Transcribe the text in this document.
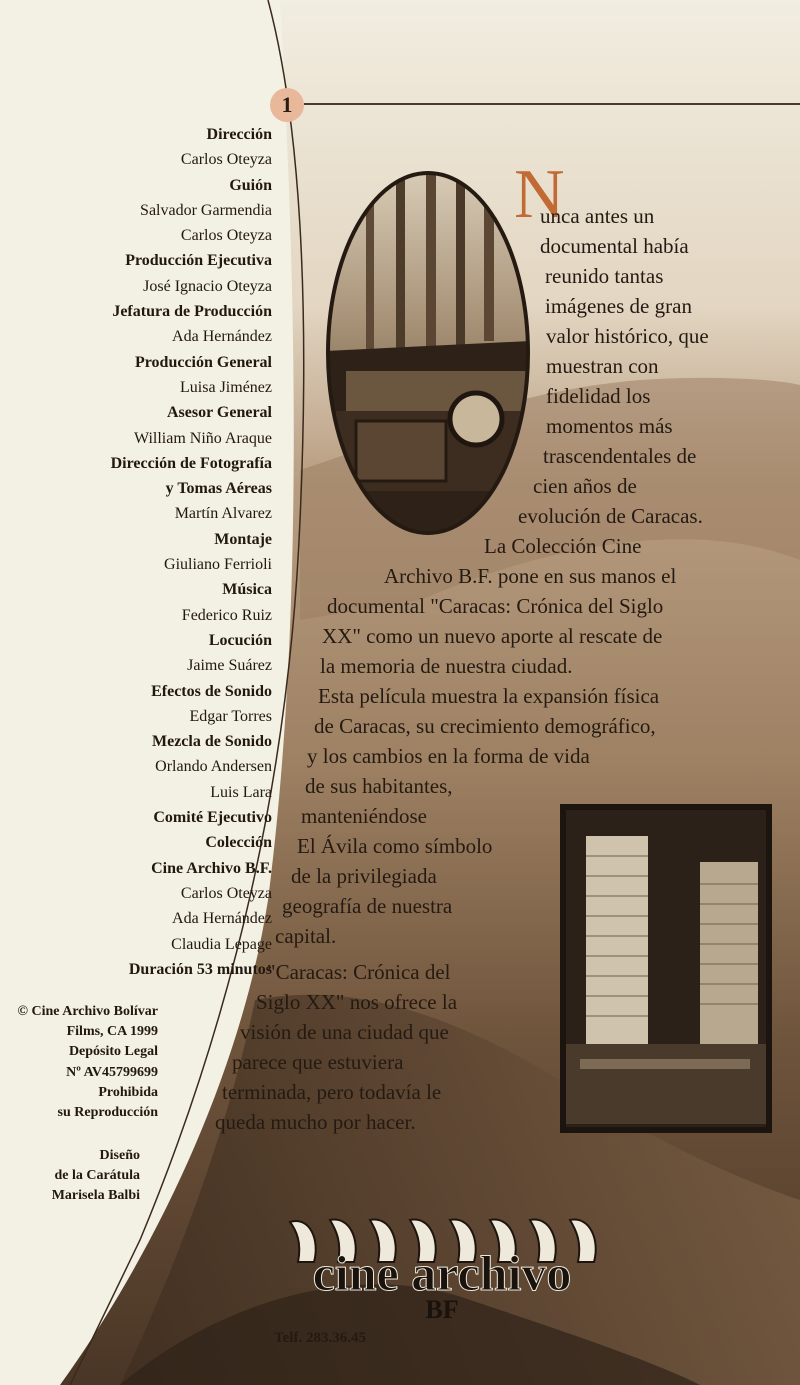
1
Dirección
Carlos Oteyza
Guión
Salvador Garmendia
Carlos Oteyza
Producción Ejecutiva
José Ignacio Oteyza
Jefatura de Producción
Ada Hernández
Producción General
Luisa Jiménez
Asesor General
William Niño Araque
Dirección de Fotografía
y Tomas Aéreas
Martín Alvarez
Montaje
Giuliano Ferrioli
Música
Federico Ruiz
Locución
Jaime Suárez
Efectos de Sonido
Edgar Torres
Mezcla de Sonido
Orlando Andersen
Luis Lara
Comité Ejecutivo
Colección
Cine Archivo B.F.
Carlos Oteyza
Ada Hernández
Claudia Lepage
Duración 53 minutos
© Cine Archivo Bolívar
Films, CA 1999
Depósito Legal
Nº AV45799699
Prohibida
su Reproducción
Diseño
de la Carátula
Marisela Balbi
N
unca antes un
documental había
reunido tantas
imágenes de gran
valor histórico, que
muestran con
fidelidad los
momentos más
trascendentales de
cien años de
evolución de Caracas.
La Colección Cine
Archivo B.F. pone en sus manos el
documental "Caracas: Crónica del Siglo
XX" como un nuevo aporte al rescate de
la memoria de nuestra ciudad.
Esta película muestra la expansión física
de Caracas, su crecimiento demográfico,
y los cambios en la forma de vida
de sus habitantes,
manteniéndose
El Ávila como símbolo
de la privilegiada
geografía de nuestra
capital.
"Caracas: Crónica del
Siglo XX" nos ofrece la
visión de una ciudad que
parece que estuviera
terminada, pero todavía le
queda mucho por hacer.
cine archivo
BF
Telf. 283.36.45
